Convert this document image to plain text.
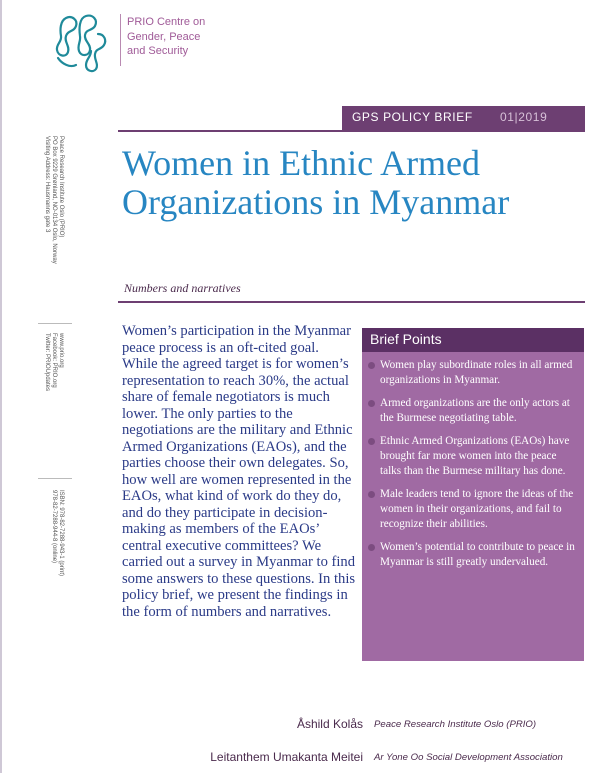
PRIO Centre on
Gender, Peace
and Security
GPS POLICY BRIEF 01|2019
Peace Research Institute Oslo (PRIO)
PO Box 9229 Grønland, NO-0134 Oslo, Norway
Visiting Address: Hausmanns gate 3
www.prio.org
Facebook: PRIO.org
Twitter: PRIOUpdates
ISBN: 978-82-7288-943-1 (print)
978-82-7288-944-8 (online)
Women in Ethnic Armed
Organizations in Myanmar
Numbers and narratives
Women’s participation in the Myanmar peace process is an oft-cited goal. While the agreed target is for women’s representation to reach 30%, the actual share of female negotiators is much lower. The only parties to the negotiations are the military and Ethnic Armed Organizations (EAOs), and the parties choose their own delegates. So, how well are women represented in the EAOs, what kind of work do they do, and do they participate in decision-making as members of the EAOs’ central executive committees? We carried out a survey in Myanmar to find some answers to these questions. In this policy brief, we present the findings in the form of numbers and narratives.
Brief Points
Women play subordinate roles in all armed organizations in Myanmar.
Armed organizations are the only actors at the Burmese negotiating table.
Ethnic Armed Organizations (EAOs) have brought far more women into the peace talks than the Burmese military has done.
Male leaders tend to ignore the ideas of the women in their organizations, and fail to recognize their abilities.
Women’s potential to contribute to peace in Myanmar is still greatly undervalued.
Åshild Kolås Peace Research Institute Oslo (PRIO)
Leitanthem Umakanta Meitei Ar Yone Oo Social Development Association
